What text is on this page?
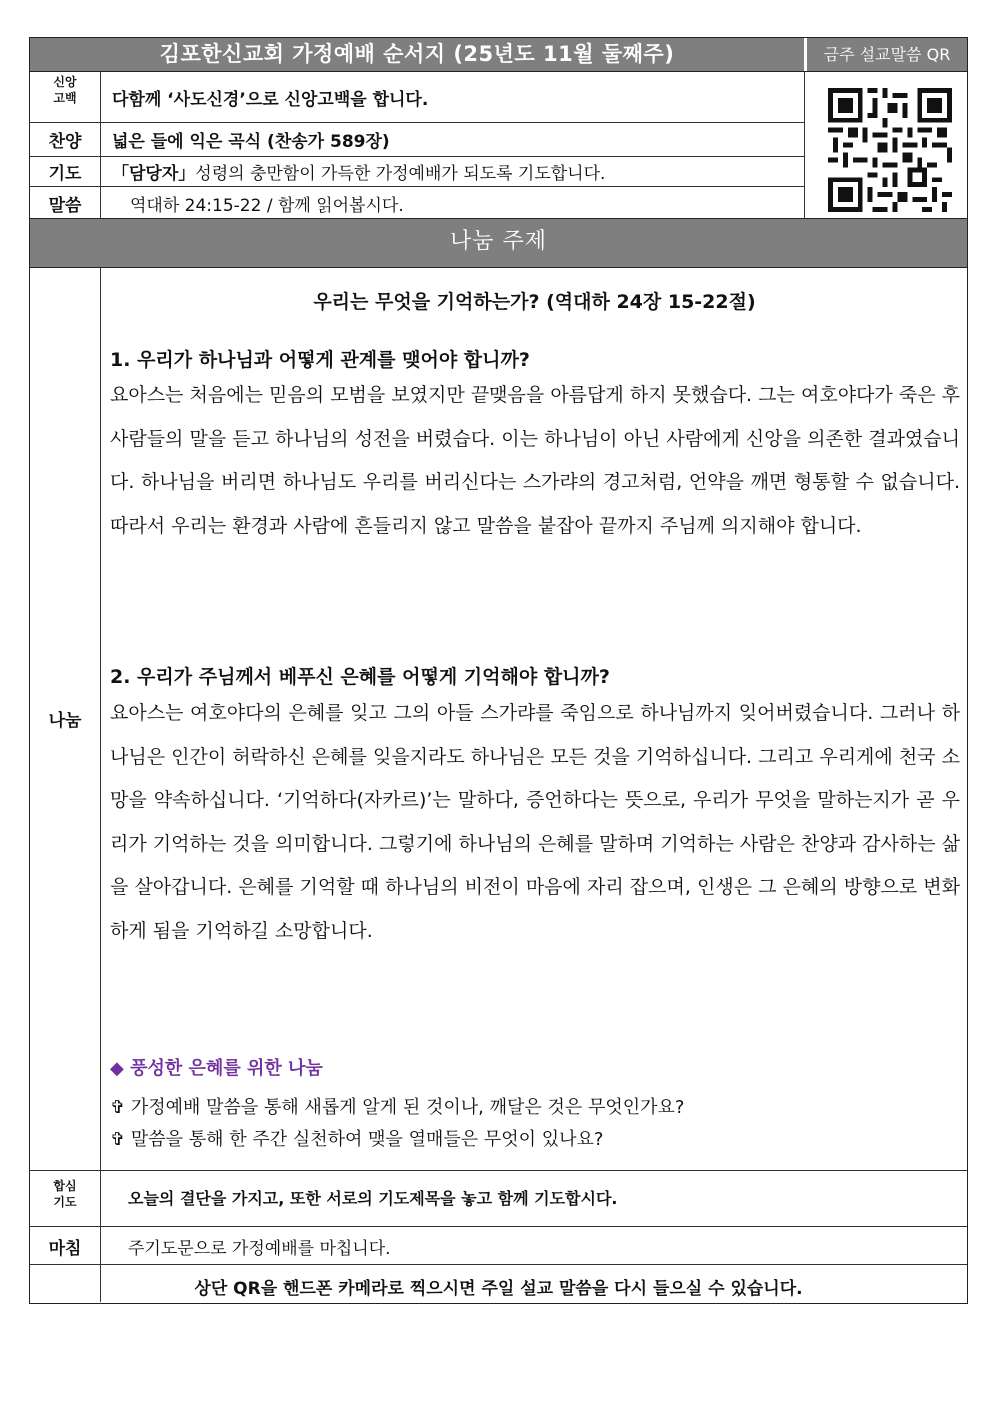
김포한신교회 가정예배 순서지 (25년도 11월 둘째주)	금주 설교말씀 QR
신앙
고백	다함께 ‘사도신경’으로 신앙고백을 합니다.
찬양	넓은 들에 익은 곡식 (찬송가 589장)
기도	「담당자」성령의 충만함이 가득한 가정예배가 되도록 기도합니다.
말씀	역대하 24:15-22 / 함께 읽어봅시다.
나눔 주제
나눔
우리는 무엇을 기억하는가? (역대하 24장 15-22절)
1. 우리가 하나님과 어떻게 관계를 맺어야 합니까?
요아스는 처음에는 믿음의 모범을 보였지만 끝맺음을 아름답게 하지 못했습다. 그는 여호야다가 죽은 후 사람들의 말을 듣고 하나님의 성전을 버렸습다. 이는 하나님이 아닌 사람에게 신앙을 의존한 결과였습니다. 하나님을 버리면 하나님도 우리를 버리신다는 스가랴의 경고처럼, 언약을 깨면 형통할 수 없습니다. 따라서 우리는 환경과 사람에 흔들리지 않고 말씀을 붙잡아 끝까지 주님께 의지해야 합니다.
2. 우리가 주님께서 베푸신 은혜를 어떻게 기억해야 합니까?
요아스는 여호야다의 은혜를 잊고 그의 아들 스가랴를 죽임으로 하나님까지 잊어버렸습니다. 그러나 하나님은 인간이 허락하신 은혜를 잊을지라도 하나님은 모든 것을 기억하십니다. 그리고 우리게에 천국 소망을 약속하십니다. ‘기억하다(자카르)’는 말하다, 증언하다는 뜻으로, 우리가 무엇을 말하는지가 곧 우리가 기억하는 것을 의미합니다. 그렇기에 하나님의 은혜를 말하며 기억하는 사람은 찬양과 감사하는 삶을 살아갑니다. 은혜를 기억할 때 하나님의 비전이 마음에 자리 잡으며, 인생은 그 은혜의 방향으로 변화하게 됨을 기억하길 소망합니다.
◆ 풍성한 은혜를 위한 나눔
✞ 가정예배 말씀을 통해 새롭게 알게 된 것이나, 깨달은 것은 무엇인가요?
✞ 말씀을 통해 한 주간 실천하여 맺을 열매들은 무엇이 있나요?
합심
기도	오늘의 결단을 가지고, 또한 서로의 기도제목을 놓고 함께 기도합시다.
마침	주기도문으로 가정예배를 마칩니다.
상단 QR을 핸드폰 카메라로 찍으시면 주일 설교 말씀을 다시 들으실 수 있습니다.
